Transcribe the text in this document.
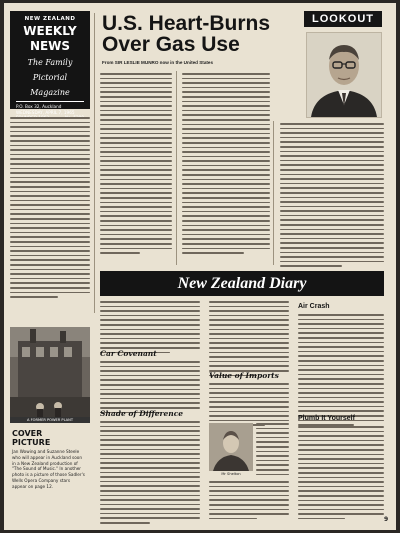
NEW ZEALAND
WEEKLY
NEWS
The Family
Pictorial
Magazine
P.O. Box 32, Auckland
WEDNESDAY, APRIL 7, 1965
U.S. Heart-Burns Over Gas Use
From SIR LESLIE MUNRO now in the United States
LOOKOUT
New Zealand Diary
Car Covenant
Shade of Difference
Value of Imports
Mr Shelton
Air Crash
Plumb It Yourself
A FORMER POWER PLANT
COVER
PICTURE
Jan Wowing and Suzanne Steele who will appear in Auckland soon in a New Zealand production of "The Sound of Music." In another photo is a picture of those Sadler's Wells Opera Company stars appear on page 12.
9
